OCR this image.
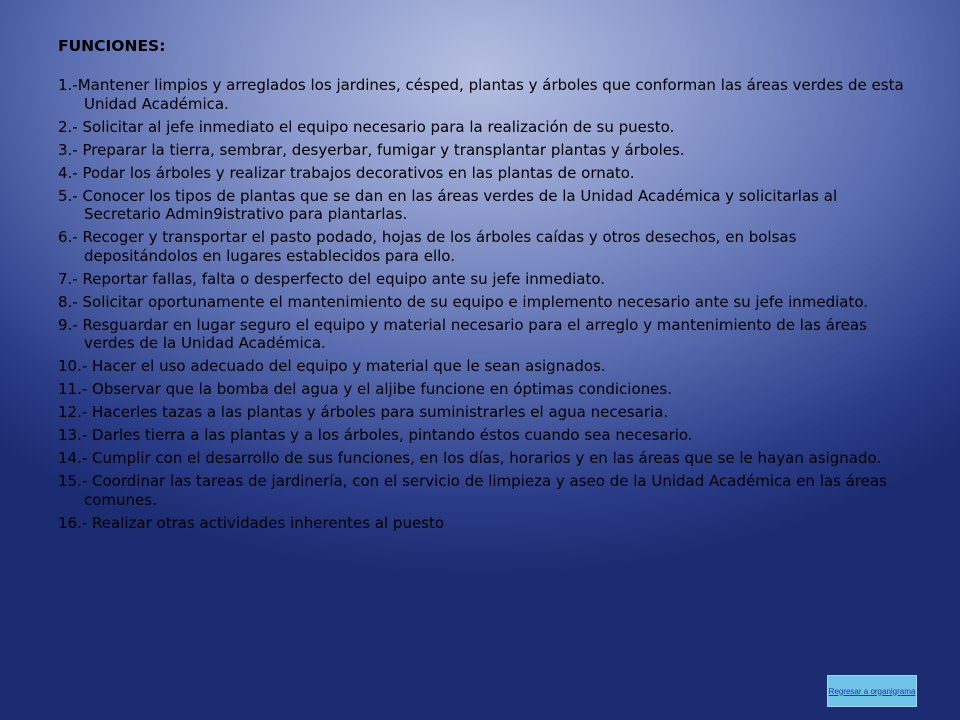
FUNCIONES:
1.-Mantener limpios y arreglados los jardines, césped, plantas y árboles que conforman las áreas verdes de esta Unidad Académica.
2.- Solicitar al jefe inmediato el equipo necesario para la realización de su puesto.
3.- Preparar la tierra, sembrar, desyerbar, fumigar y transplantar plantas y árboles.
4.- Podar los árboles y realizar trabajos decorativos en las plantas de ornato.
5.- Conocer los tipos de plantas que se dan en las áreas verdes de la Unidad Académica y solicitarlas al Secretario Admin9istrativo para plantarlas.
6.- Recoger y transportar el pasto podado, hojas de los árboles caídas y otros desechos, en bolsas depositándolos en lugares establecidos para ello.
7.- Reportar fallas, falta o desperfecto del equipo ante su jefe inmediato.
8.- Solicitar oportunamente el mantenimiento de su equipo e implemento necesario ante su jefe inmediato.
9.- Resguardar en lugar seguro el equipo y material necesario para el arreglo y mantenimiento de las áreas verdes de la Unidad Académica.
10.- Hacer el uso adecuado del equipo y material que le sean asignados.
11.- Observar que la bomba del agua y el aljibe funcione en óptimas condiciones.
12.- Hacerles tazas a las plantas y árboles para suministrarles el agua necesaria.
13.- Darles tierra a las plantas y a los árboles, pintando éstos cuando sea necesario.
14.- Cumplir con el desarrollo de sus funciones, en los días, horarios y en las áreas que se le hayan asignado.
15.- Coordinar las tareas de jardinería, con el servicio de limpieza y aseo de la Unidad Académica en las áreas comunes.
16.- Realizar otras actividades inherentes al puesto
Regresar a organigrama
